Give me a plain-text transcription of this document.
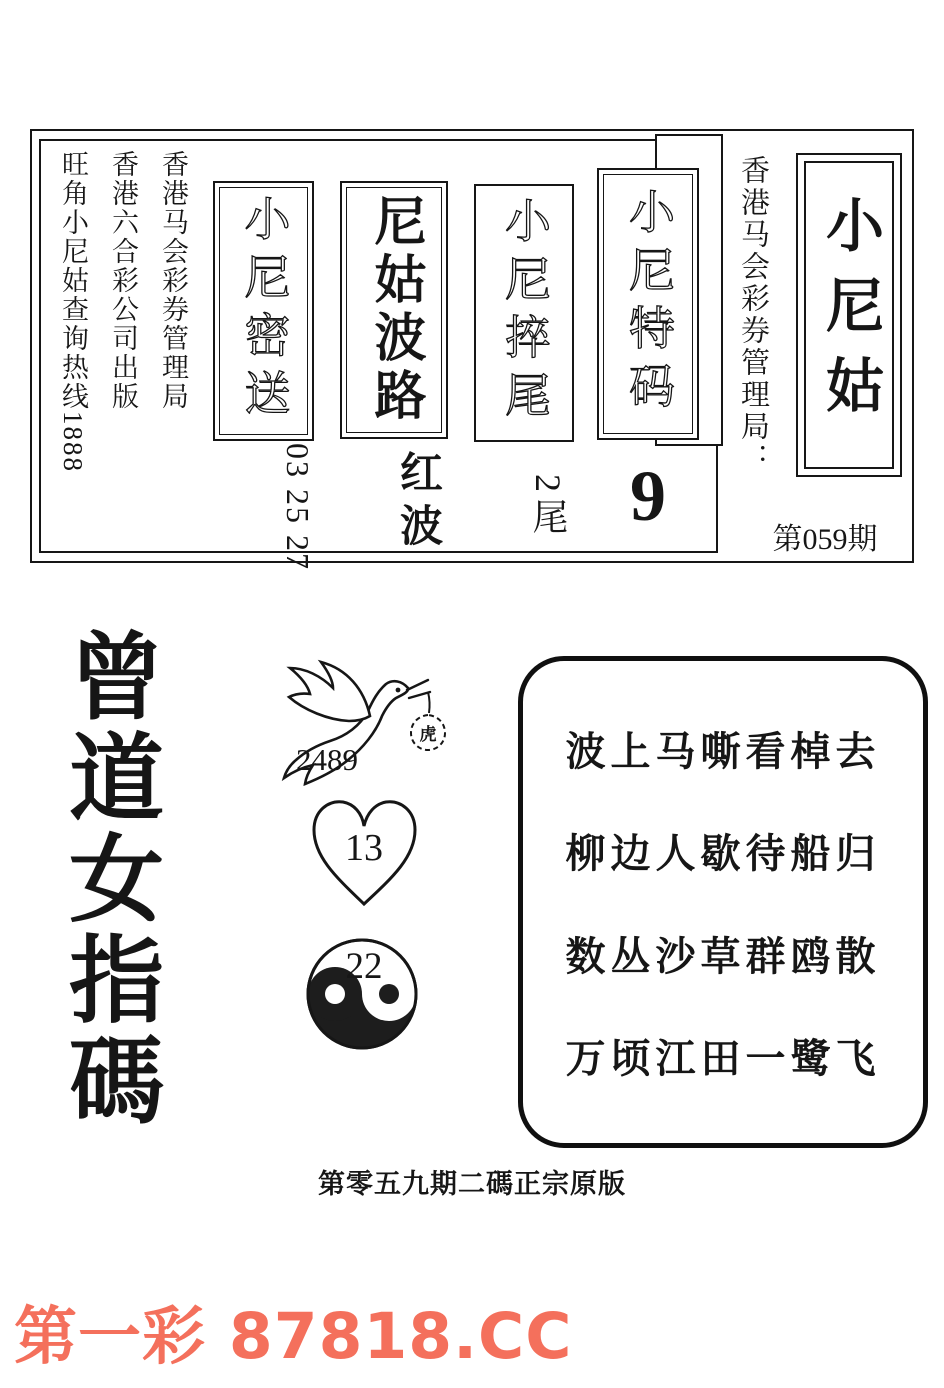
香港马会彩券管理局
香港六合彩公司出版
旺角小尼姑查询热线1888	小尼密送
03 25 27
尼姑波路
红波
小尼捽尾
2尾
小尼特码
9
香港马会彩券管理局： 小尼姑
第059期
曾道女指碼	虎
2489
13
22
波上马嘶看棹去
柳边人歇待船归
数丛沙草群鸥散
万顷江田一鹭飞
第零五九期二碼正宗原版
第一彩 87818.CC
